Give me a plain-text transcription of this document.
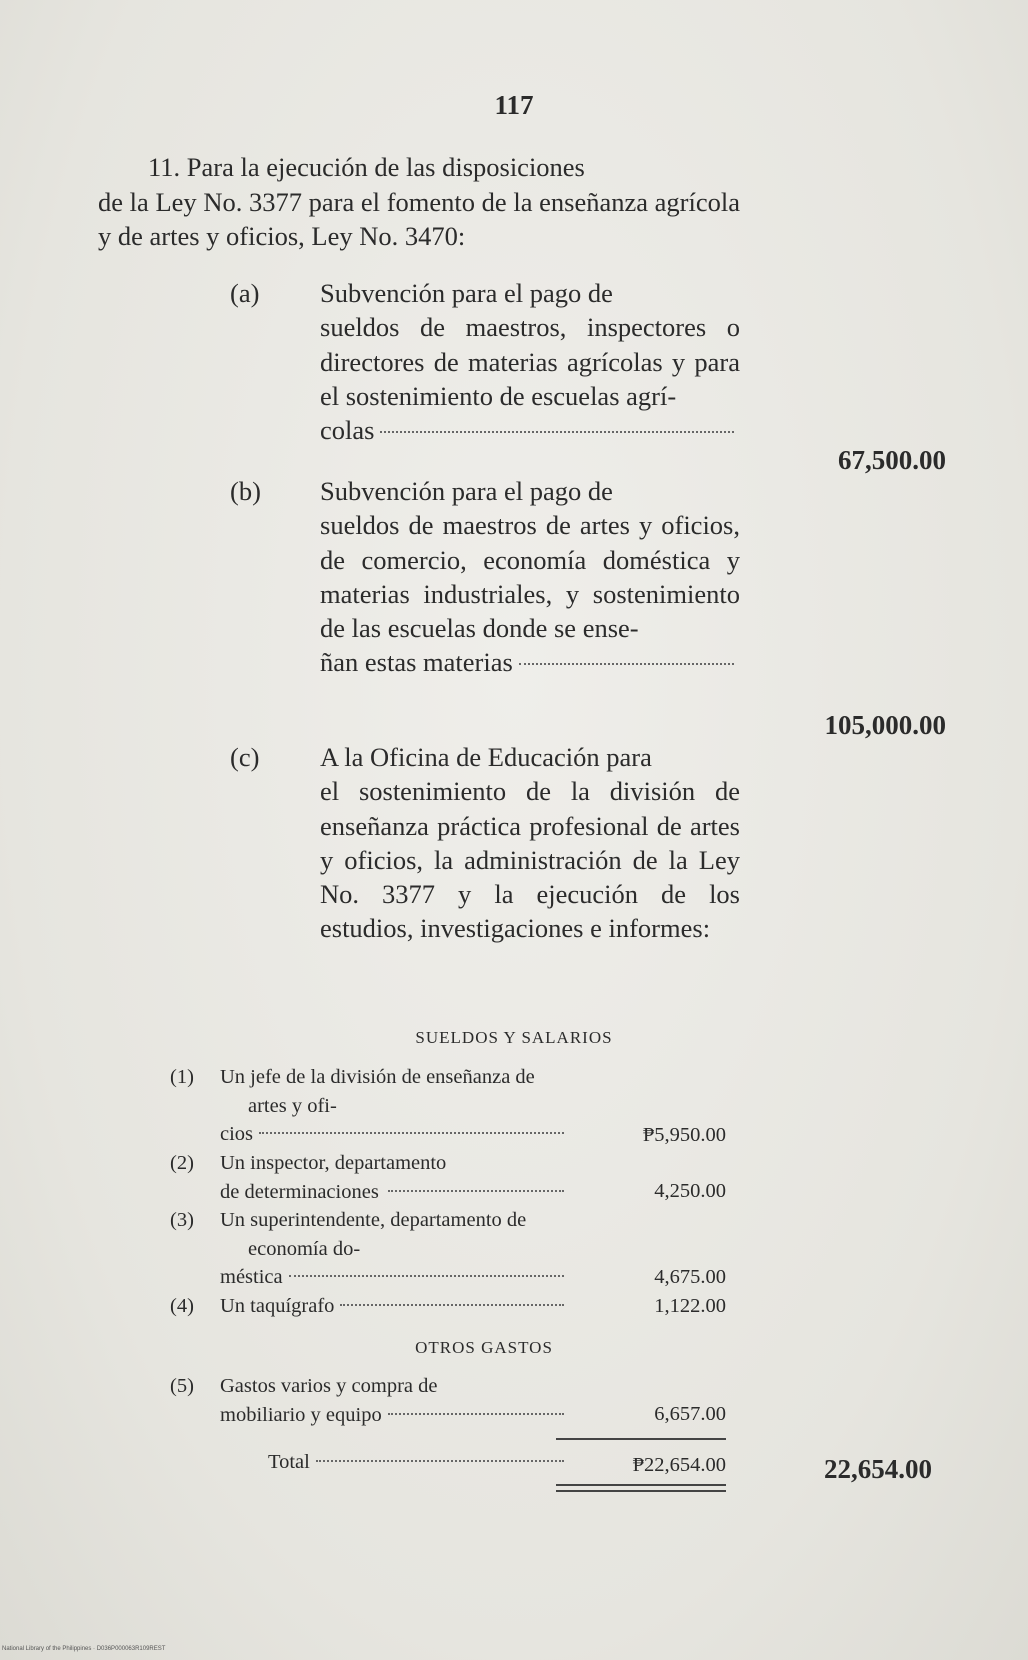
117

11. Para la ejecución de las disposiciones

de la Ley No. 3377 para el fomento de la enseñanza agrícola y de artes y oficios, Ley No. 3470:

(a) Subvención para el pago de
sueldos de maestros, inspectores o directores de materias agrícolas y para el sostenimiento de escuelas agrí-
colas
67,500.00
(b) Subvención para el pago de
sueldos de maestros de artes y oficios, de comercio, economía doméstica y materias industriales, y sostenimiento de las escuelas donde se ense-
ñan estas materias
105,000.00
(c) A la Oficina de Educación para
el sostenimiento de la división de enseñanza práctica profesional de artes y oficios, la administración de la Ley No. 3377 y la ejecución de los estudios, investigaciones e informes:
SUELDOS Y SALARIOS
(1) Un jefe de la división de enseñanza de artes y ofi-
cios	₱5,950.00
(2) Un inspector, departamento
de determinaciones	4,250.00
(3) Un superintendente, departamento de economía do-
méstica	4,675.00
(4) Un taquígrafo	1,122.00
OTROS GASTOS
(5) Gastos varios y compra de
mobiliario y equipo	6,657.00
Total	₱22,654.00	22,654.00
National Library of the Philippines · D036P000063R109REST
